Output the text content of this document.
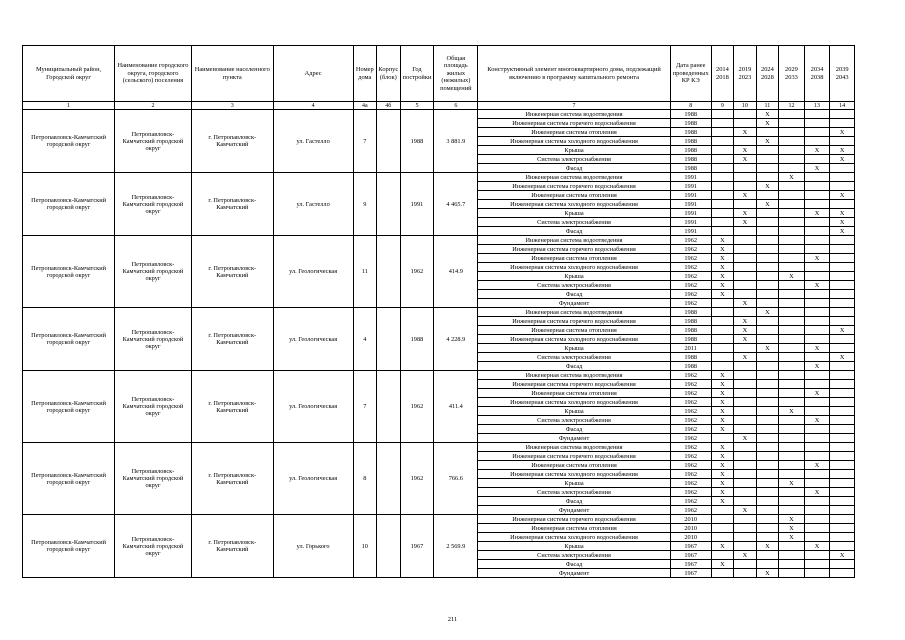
Муниципальный район, Городской округ	Наименование городского округа, городского (сельского) поселения	Наименование населенного пункта	Адрес	Номер дома	Корпус (блок)	Год постройки	Общая площадь жилых (нежилых) помещений	Конструктивный элемент многоквартирного дома, подлежащий включению в программу капитального ремонта	Дата ранее проведенных КР КЭ	2014 2018	2019 2023	2024 2028	2029 2033	2034 2038	2039 2043
1	2	3	4	4а	4б	5	6	7	8	9	10	11	12	13	14
Петропавловск-Камчатский городской округ	Петропавловск-Камчатский городской округ	г. Петропавловск-Камчатский	ул. Гастелло	7		1988	3 881.9	Инженерная система водоотведения	1988			X			
								Инженерная система горячего водоснабжения	1988			X			
								Инженерная система отопления	1988		X				X
								Инженерная система холодного водоснабжения	1988			X			
								Крыша	1988		X			X	X
								Система электроснабжения	1988		X				X
								Фасад	1988					X	
Петропавловск-Камчатский городской округ	Петропавловск-Камчатский городской округ	г. Петропавловск-Камчатский	ул. Гастелло	9		1991	4 465.7	Инженерная система водоотведения	1991				X		
								Инженерная система горячего водоснабжения	1991			X			
								Инженерная система отопления	1991		X				X
								Инженерная система холодного водоснабжения	1991			X			
								Крыша	1991		X			X	X
								Система электроснабжения	1991		X				X
								Фасад	1991						X
Петропавловск-Камчатский городской округ	Петропавловск-Камчатский городской округ	г. Петропавловск-Камчатский	ул. Геологическая	11		1962	414.9	Инженерная система водоотведения	1962	X					
								Инженерная система горячего водоснабжения	1962	X					
								Инженерная система отопления	1962	X				X	
								Инженерная система холодного водоснабжения	1962	X					
								Крыша	1962	X			X		
								Система электроснабжения	1962	X				X	
								Фасад	1962	X					
								Фундамент	1962		X				
Петропавловск-Камчатский городской округ	Петропавловск-Камчатский городской округ	г. Петропавловск-Камчатский	ул. Геологическая	4		1988	4 228.9	Инженерная система водоотведения	1988			X			
								Инженерная система горячего водоснабжения	1988		X				
								Инженерная система отопления	1988		X				X
								Инженерная система холодного водоснабжения	1988		X				
								Крыша	2011			X		X	
								Система электроснабжения	1988		X				X
								Фасад	1988					X	
Петропавловск-Камчатский городской округ	Петропавловск-Камчатский городской округ	г. Петропавловск-Камчатский	ул. Геологическая	7		1962	411.4	Инженерная система водоотведения	1962	X					
								Инженерная система горячего водоснабжения	1962	X					
								Инженерная система отопления	1962	X				X	
								Инженерная система холодного водоснабжения	1962	X					
								Крыша	1962	X			X		
								Система электроснабжения	1962	X				X	
								Фасад	1962	X					
								Фундамент	1962		X				
Петропавловск-Камчатский городской округ	Петропавловск-Камчатский городской округ	г. Петропавловск-Камчатский	ул. Геологическая	8		1962	766.6	Инженерная система водоотведения	1962	X					
								Инженерная система горячего водоснабжения	1962	X					
								Инженерная система отопления	1962	X				X	
								Инженерная система холодного водоснабжения	1962	X					
								Крыша	1962	X			X		
								Система электроснабжения	1962	X				X	
								Фасад	1962	X					
								Фундамент	1962		X				
Петропавловск-Камчатский городской округ	Петропавловск-Камчатский городской округ	г. Петропавловск-Камчатский	ул. Горького	10		1967	2 569.9	Инженерная система горячего водоснабжения	2010				X		
								Инженерная система отопления	2010				X		
								Инженерная система холодного водоснабжения	2010				X		
								Крыша	1967	X		X		X	
								Система электроснабжения	1967		X				X
								Фасад	1967	X					
								Фундамент	1967			X			
211
